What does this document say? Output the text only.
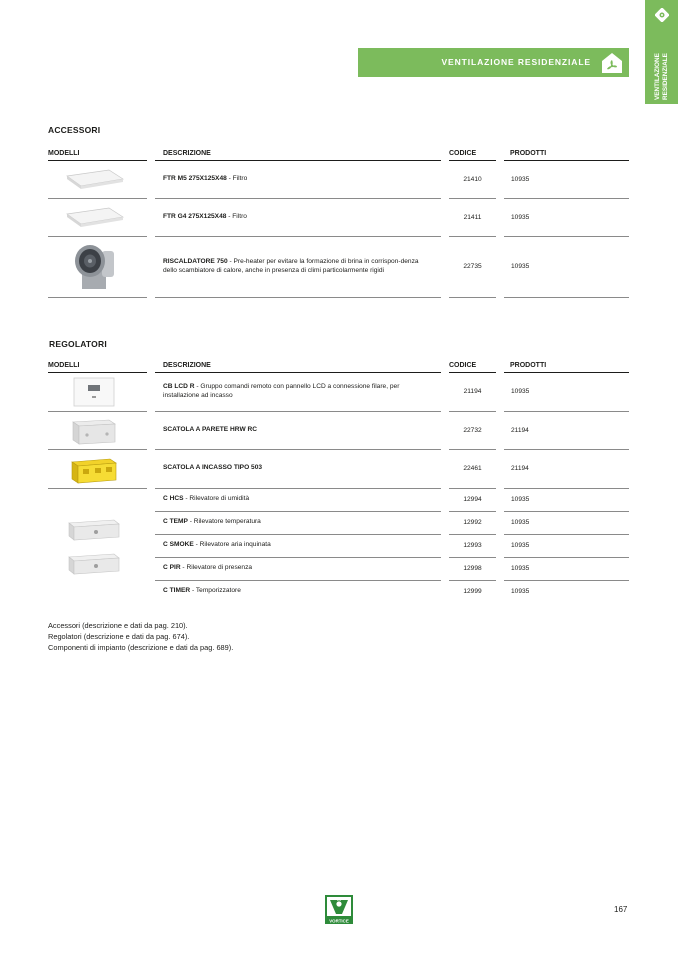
VENTILAZIONE RESIDENZIALE
VENTILAZIONE RESIDENZIALE
ACCESSORI
MODELLI		DESCRIZIONE		CODICE		PRODOTTI

		FTR M5 275X125X48 - Filtro		21410		10935

		FTR G4 275X125X48 - Filtro		21411		10935

		RISCALDATORE 750 - Pre-heater per evitare la formazione di brina in corrispon-denza dello scambiatore di calore, anche in presenza di climi particolarmente rigidi		22735		10935
REGOLATORI
MODELLI		DESCRIZIONE		CODICE		PRODOTTI

		CB LCD R - Gruppo comandi remoto con pannello LCD a connessione filare, per installazione ad incasso		21194		10935

		SCATOLA A PARETE HRW RC		22732		21194

		SCATOLA A INCASSO TIPO 503		22461		21194

		C HCS - Rilevatore di umidità		12994		10935
		C TEMP - Rilevatore temperatura		12992		10935
		C SMOKE - Rilevatore aria inquinata		12993		10935
		C PIR - Rilevatore di presenza		12998		10935
		C TIMER - Temporizzatore		12999		10935
Accessori (descrizione e dati da pag. 210).
Regolatori (descrizione e dati da pag. 674).
Componenti di impianto (descrizione e dati da pag. 689).
VORTICE
167
